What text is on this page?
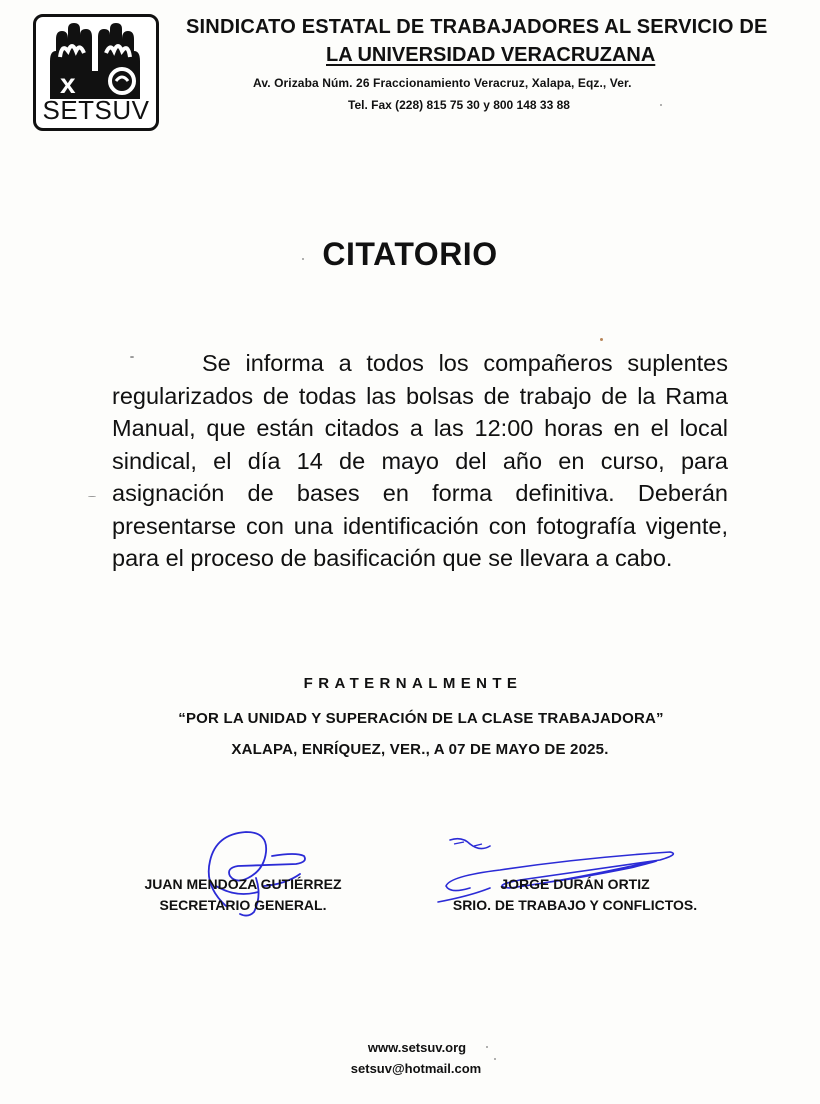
x
SETSUV
SINDICATO ESTATAL DE TRABAJADORES AL SERVICIO DE
LA UNIVERSIDAD VERACRUZANA
Av. Orizaba Núm. 26 Fraccionamiento Veracruz, Xalapa, Eqz., Ver.
Tel. Fax (228) 815 75 30 y 800 148 33 88
CITATORIO
Se informa a todos los compañeros suplentes regularizados de todas las bolsas de trabajo de la Rama Manual, que están citados a las 12:00 horas en el local sindical, el día 14 de mayo del año en curso, para asignación de bases en forma definitiva. Deberán presentarse con una identificación con fotografía vigente, para el proceso de basificación que se llevara a cabo.
FRATERNALMENTE
“POR LA UNIDAD Y SUPERACIÓN DE LA CLASE TRABAJADORA”
XALAPA, ENRÍQUEZ, VER., A 07 DE MAYO DE 2025.
JUAN MENDOZA GUTIÉRREZ
SECRETARIO GENERAL.
JORGE DURÁN ORTIZ
SRIO. DE TRABAJO Y CONFLICTOS.
www.setsuv.org
setsuv@hotmail.com
